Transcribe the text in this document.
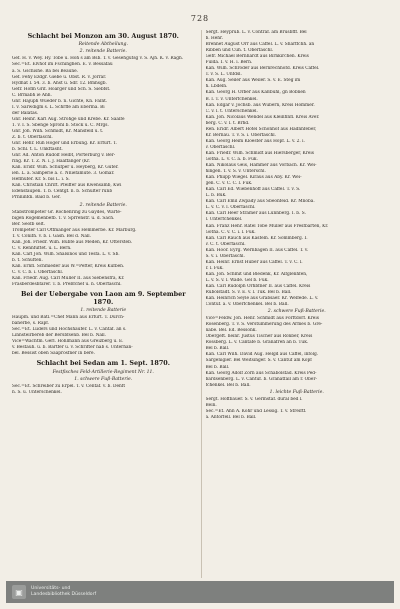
728
Schlacht bei Monzon am 30. August 1870.
Reitende Abtheilung.
2. reitende Batterie.
Gef. H. v. Wey. Hy. Tobe u. Hoh s am Bsb. T. v. Gesehgutsg v. S. Ajh. K. v. Ragh.
Sec.=Et. Elvhof im Fschinghen. E. v. Bessafau
a. S. Gschishe. Ba bei Beaune.
Gef. Fehy Ezdgr. Giebe u. Obst. R. v. Jorrar.
Hydhat I. 54. 3. b. Ahst u. Sdr. 12. Bmhsgb.
Gefr. Hofm Grif. Hoarger und Sch. S. Siebfst.
C. Brmabh ie Ahh.
Gnr. Hajuph Wueder b. n. Gichte, Kn. Falnt.
I. v. Sarwdigm s. L. Schrffe am Eberma. Bi
der Balatas.
Gnr. Heinr. Karl Aug. Strohge und Krebe. Kr. Saalfe
1. v. I. S. Sbenge Sprohl b. Stock u. C. Mrgs.
Gnr. Joh. Wilh. Schmidt, Kr. Mansfeld u. t.
Z. b. t. Oberfaschl.
Gnr. Hehr. Ruh Hoger und Erbung. Kr. Erfurt. T.
b. Schl. t. L. Unkftasht.
Gnr. Ad. Anton Rudolf Helbt, Porterburg v. Ber-
ring. Kr. T. Z. N. i. J. Haaffanger (Kr.
Kan. Eridr. Wilh. Schufper u. Heyberg, Kr. Guter.
ien. L. a. Samperie a. c. Nniefamute. 3. Gomar.
Heflhufer. Kr. S. bis L. i. S.
Kan. Christian Chrift. Pfeiffer aus Kwensamb, Kwi
Edensfaupen. T. b. Centgf. n. b. Schulter runb
Prnninfdi. Baid b. Ger.
2. reitende Batterie.
Stabstrompeter Gr. Rochenring zu Gaydes, Warte-
bigen Rogemenbefb. T. v. Sprrenstr. u. d. Sach.
Ber. Seofb selt.
Trompeter Carl Ottmanger aus Hemmerbe. Kr. Marburg.
T. v. Conifh. v. b. i. Gash. Bel d. Nall.
Kan. Joh. Friedr. Wilh. Bubfe aus Meden, Kr. Ottersteb.
C. v. Rennfuftet. u. L. Bern.
Kan. Carl Joh. Wilh. Shalsinos und Tesfa. L. v. Sb.
b. t. Schüften.
Kan. Ernfl. Schmieder aus W.=Pefter, Kreis Kufben.
C. v. C. b. i. Oberfaschl.
Kan. Friedr. Aug. Carl Müller II. aus Siebensfra, Kr.
Fräsberdesbfarer. T. b. Preßfchef u. n. Oberfaschl.
Bei der Uebergabe von Laon am 9. September 1870.
1. reitende Batterie
Haupm. und Batl.=Chef Mann aus Erfurt. T. Durch-
banerbe, s. Rapf.
Sec.=Et. Lüders und Hochshaufer. L. v. Cantaf. an s.
Linnsteirbereb der Bersbfsenb. Bel b. Nall.
Vice=Wachtm. Gerl. Hohlmann aus Greizberg u. E.
v. Bestauh. u. b. Bartfer u. v. Schrifter nab s. Unterhan-
bel. Bessist oben Saaprosfner in bere.
Schlacht bei Sedan am 1. Sept. 1870.
Festfisches Feld-Artillerie-Regiment Nr. 11.
1. schwere Fuß-Batterie.
Sec.=Et. Schreiber zu Erpel. T. v. Centaf. v. b. Denft
n. S. u. Unterschenkel.
Sergt. Heyprub. L. v. Contraf. am Brusbfff. Bel
b. Hehr.
Brennet August Orr aus Caffel. L. v. Sharffchh. an
Ribben und Cuh. t. Oberfaschl.
Gefr. Michael Bernhardt aus Birnkirchen. Kreis
Fulda. I. v. H. i. Bern.
Kan. Wilh. Schröder aus Bernrechhofd. Kreis Caffel.
T. v. S. L. Unfdsl.
Kan. Aug. Seiler aus Weiler. S. v. E. Steg im
h. Lbdeln.
Kan. Georg H. Orber aus Kaßbuhl, gn Bobnen
B. l. T. v. Unterfchenkel.
Kan. Edgar v. Jochsb. aus Wübern, Kreis Hommer.
C. v. l. t. Unterschenkel.
Kan. Joh. Nicolaus Wendel aus Kleinfinfl. Kreis Aver.
berg. C. v. l. t. Brhd.
Ren. Eridr. Albert Hotel Schönhof aus Hadnhfeber,
Kr. Bernau. T. v. S. i. Oberfaschl.
Kan. Georg Heim Kloester aus Hopf. L. v. 2. i.
v. Oberfaschl.
Kan. Friedr. Wilh. Schmidt aus Hiersberger, Kreis
Gotha. L. v. C. a. b. Fuk.
Kan. Nikolaus Geis, Hammer aus Vorbach. Kr. Wei-
hingen. T. v. S. v. Unterschl.
Kan. Phiipp Wiegel. Kiraus aus Aby. Kr. Wei-
gen. C. v. C. C. l. Fuk.
Kan. Carl Ed. Wiebenhoff aus Caffel. T. v. S.
L. b. Buk.
Kan. Carl Emil Zwpady aus Sbeonfeid. Kr. Mnoba.
L. v. C. v. l. Oberfaschl.
Kan. Carl Heer Stramer aus Lunnberg. I. b. S.
l. Unterfchenkel.
Kan. Franz Hehr. Ratel Tobe Müller aus Fresfbarten, Kr.
Gotha. C. v. C. i. l. Fuk.
Kan. Carl Rauch aus Kasfeln. Kr. Sommberg. I.
v. C. t. Oberfaschl.
Kan. Hoor. Eyrg. Wernbagen II. aus Caffel. T. v.
S. v. i. Oberfaschl.
Kan. Heinr. Ernst Huber aus Caffel. T. v. C. l.
r. l. Fuk.
Kan. Joh. Schmit und Bledenk, Kr. Alfglenhfen,
L. v. S. v. l. Wade. Gel b. Fuk.
Kan. Carl Rudolph Orhbfner II. aus Caffel. Kreis
Rubolstadt. S. v. E. v. l. Tuk. Bel b. Ball.
Kan. Heinrich Seyle aus Grabsaer. Kr. Welfede. L. v.
Contuf. a. v. Oberfchenkel. Bel b. Ball.
2. schwere Fuß-Batterie.
Vice=Feldw. Joh. Henr. Schmidt aus Forftdorf. Kreis
Rosenberg. T. v. S. Verstümmerung des Armes b. Gre-
nabe. Bel. Ed. Bessonk.
Obergeft. heinr. Justus Tischer aus Ronber, Kreis
Rossberg. L. v. Cantafe b. Granafreh an b. Tuk.
Bel b. Ball.
Kan. Carl Wilh. David Aug. Helgd aus Caffel, infolg.
Sargenigier. Bel Weitsinger. S. v. Cantuf am Kopf
Bel b. Ball.
Kan. Georg Adolf Zorn aus Schabolstad. Kreis Ped-
bardsenberg. L. v. Cantuf. b. Granatfall am r. Ober-
fchenkel. Bel b. Ball.
1. leichte Fuß-Batterie.
Sergt. Hoffbauer. S. v. Germstaf. dural bed l.
Bein.
Sec.=Et. Ahn A. Kohr und Lessig. T. v. Streiftf.
a. Antorfell. Bel b. Ball.
▣	Universitäts- und
Landesbibliothek Düsseldorf
